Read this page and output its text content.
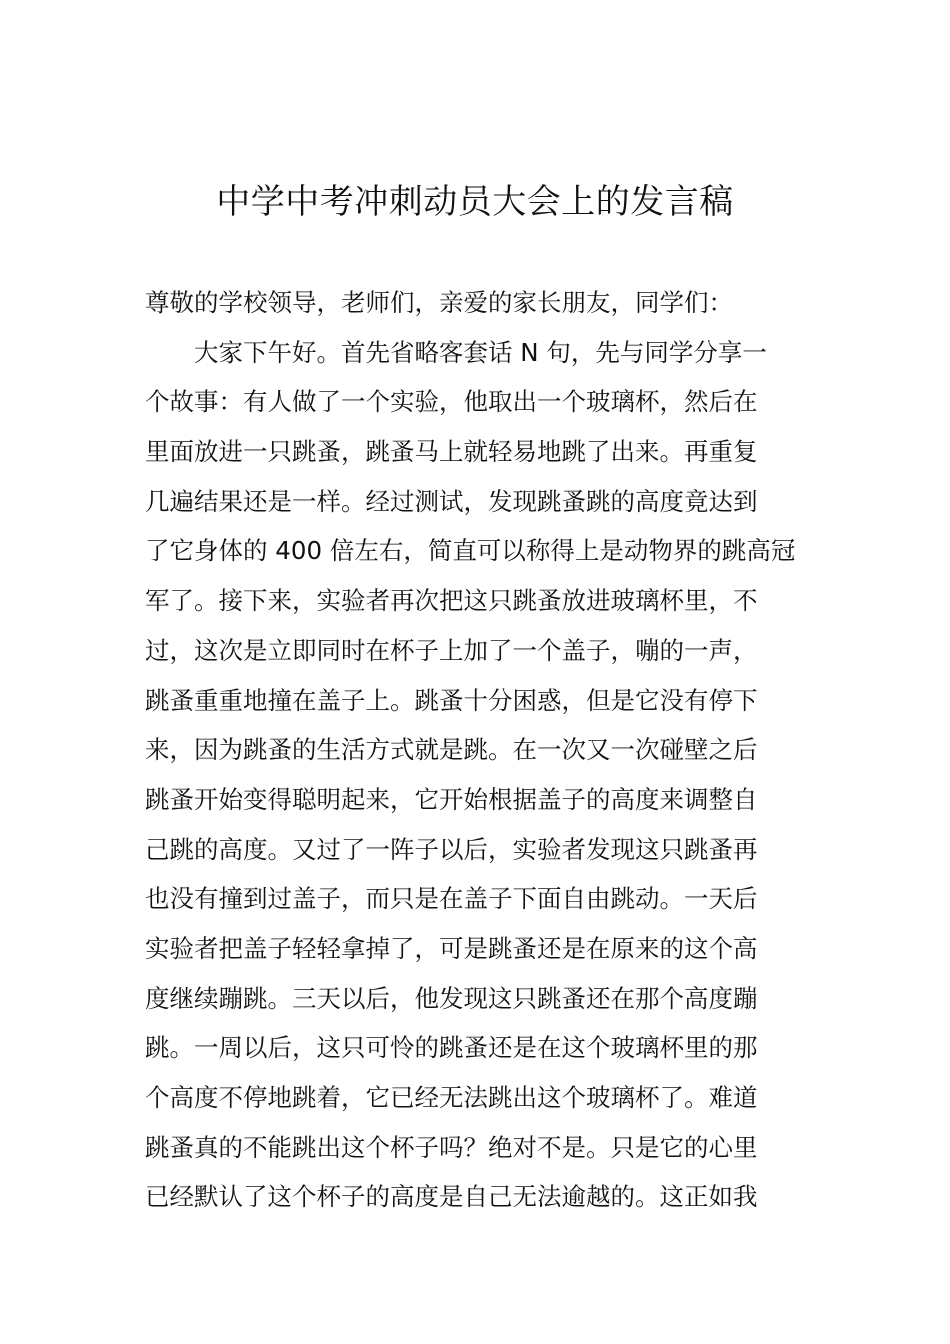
中学中考冲刺动员大会上的发言稿
尊敬的学校领导，老师们，亲爱的家长朋友，同学们：
大家下午好。首先省略客套话 N 句，先与同学分享一
个故事：有人做了一个实验，他取出一个玻璃杯，然后在
里面放进一只跳蚤，跳蚤马上就轻易地跳了出来。再重复
几遍结果还是一样。经过测试，发现跳蚤跳的高度竟达到
了它身体的 400 倍左右，简直可以称得上是动物界的跳高冠
军了。接下来，实验者再次把这只跳蚤放进玻璃杯里，不
过，这次是立即同时在杯子上加了一个盖子，嘣的一声，
跳蚤重重地撞在盖子上。跳蚤十分困惑，但是它没有停下
来，因为跳蚤的生活方式就是跳。在一次又一次碰壁之后
跳蚤开始变得聪明起来，它开始根据盖子的高度来调整自
己跳的高度。又过了一阵子以后，实验者发现这只跳蚤再
也没有撞到过盖子，而只是在盖子下面自由跳动。一天后
实验者把盖子轻轻拿掉了，可是跳蚤还是在原来的这个高
度继续蹦跳。三天以后，他发现这只跳蚤还在那个高度蹦
跳。一周以后，这只可怜的跳蚤还是在这个玻璃杯里的那
个高度不停地跳着，它已经无法跳出这个玻璃杯了。难道
跳蚤真的不能跳出这个杯子吗？绝对不是。只是它的心里
已经默认了这个杯子的高度是自己无法逾越的。这正如我
